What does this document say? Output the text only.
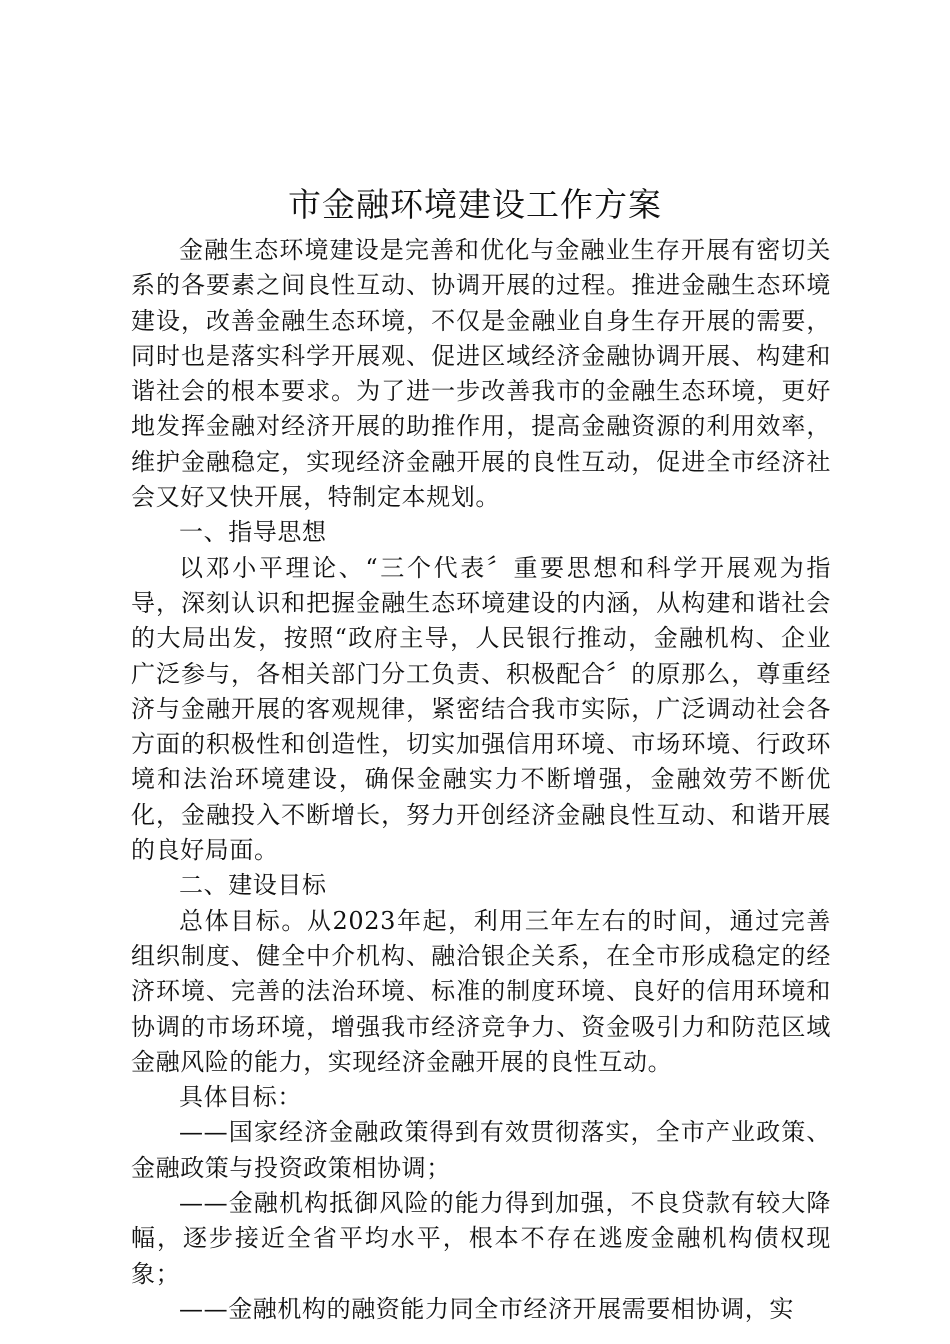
市金融环境建设工作方案

金融生态环境建设是完善和优化与金融业生存开展有密切关系的各要素之间良性互动、协调开展的过程。推进金融生态环境建设，改善金融生态环境，不仅是金融业自身生存开展的需要，同时也是落实科学开展观、促进区域经济金融协调开展、构建和谐社会的根本要求。为了进一步改善我市的金融生态环境，更好地发挥金融对经济开展的助推作用，提高金融资源的利用效率，维护金融稳定，实现经济金融开展的良性互动，促进全市经济社会又好又快开展，特制定本规划。

一、指导思想

以邓小平理论、“三个代表〞重要思想和科学开展观为指导，深刻认识和把握金融生态环境建设的内涵，从构建和谐社会的大局出发，按照“政府主导，人民银行推动，金融机构、企业广泛参与，各相关部门分工负责、积极配合〞的原那么，尊重经济与金融开展的客观规律，紧密结合我市实际，广泛调动社会各方面的积极性和创造性，切实加强信用环境、市场环境、行政环境和法治环境建设，确保金融实力不断增强，金融效劳不断优化，金融投入不断增长，努力开创经济金融良性互动、和谐开展的良好局面。

二、建设目标

总体目标。从2023年起，利用三年左右的时间，通过完善组织制度、健全中介机构、融洽银企关系，在全市形成稳定的经济环境、完善的法治环境、标准的制度环境、良好的信用环境和协调的市场环境，增强我市经济竞争力、资金吸引力和防范区域金融风险的能力，实现经济金融开展的良性互动。

具体目标：

——国家经济金融政策得到有效贯彻落实，全市产业政策、金融政策与投资政策相协调；

——金融机构抵御风险的能力得到加强，不良贷款有较大降幅，逐步接近全省平均水平，根本不存在逃废金融机构债权现象；

——金融机构的融资能力同全市经济开展需要相协调，实
